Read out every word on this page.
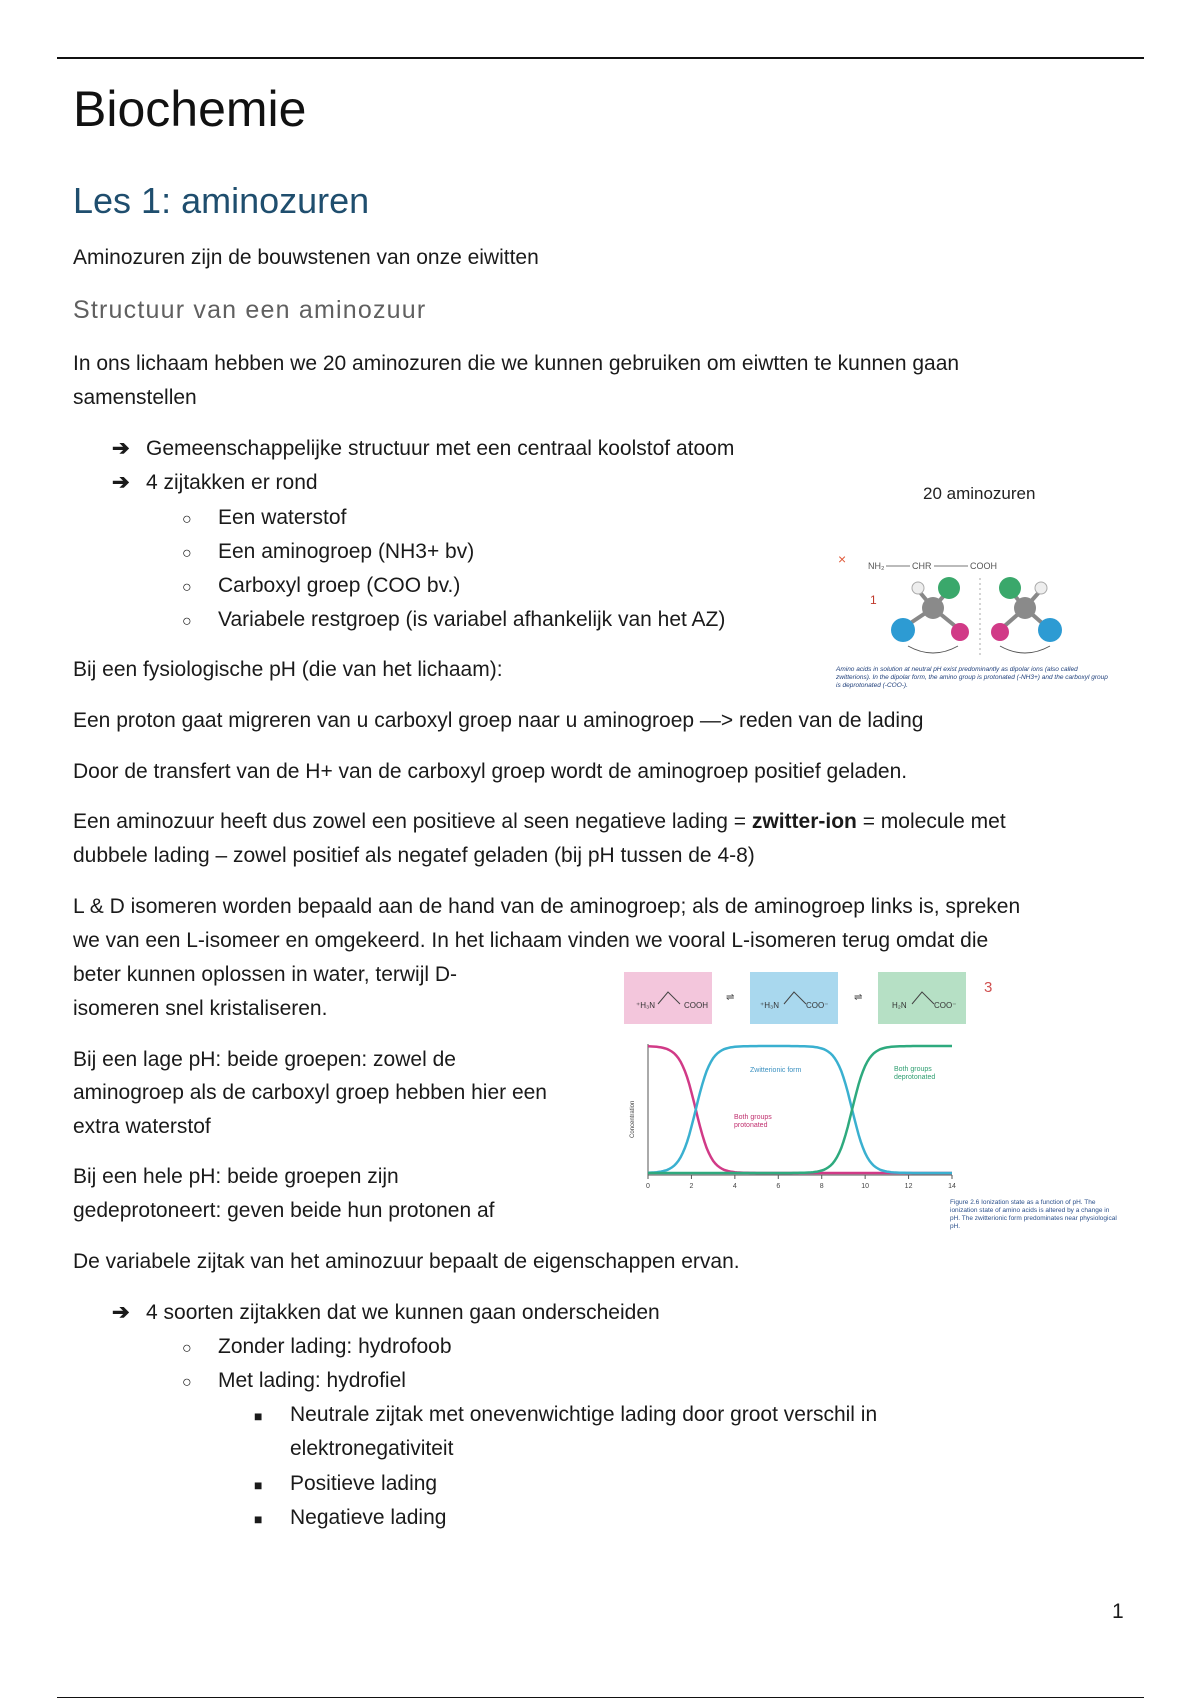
Biochemie
Les 1: aminozuren

Aminozuren zijn de bouwstenen van onze eiwitten

Structuur van een aminozuur

In ons lichaam hebben we 20 aminozuren die we kunnen gebruiken om eiwtten te kunnen gaan

samenstellen

➔ Gemeenschappelijke structuur met een centraal koolstof atoom
➔ 4 zijtakken er rond
○ Een waterstof
○ Een aminogroep (NH3+ bv)
○ Carboxyl groep (COO bv.)
○ Variabele restgroep (is variabel afhankelijk van het AZ)
20 aminozuren
× NH₂	CHR	COOH
1
Amino acids in solution at neutral pH exist predominantly as dipolar ions (also called zwitterions). In the dipolar form, the amino group is protonated (-NH3+) and the carboxyl group is deprotonated (-COO-).

Bij een fysiologische pH (die van het lichaam):

Een proton gaat migreren van u carboxyl groep naar u aminogroep —> reden van de lading

Door de transfert van de H+ van de carboxyl groep wordt de aminogroep positief geladen.

Een aminozuur heeft dus zowel een positieve al seen negatieve lading = zwitter-ion = molecule met

dubbele lading – zowel positief als negatef geladen (bij pH tussen de 4-8)

L & D isomeren worden bepaald aan de hand van de aminogroep; als de aminogroep links is, spreken

we van een L-isomeer en omgekeerd. In het lichaam vinden we vooral L-isomeren terug omdat die

beter kunnen oplossen in water, terwijl D-

isomeren snel kristaliseren.

Bij een lage pH: beide groepen: zowel de

aminogroep als de carboxyl groep hebben hier een

extra waterstof

Bij een hele pH: beide groepen zijn

gedeprotoneert: geven beide hun protonen af

⁺H₃N	COOH
⇌
⁺H₃N	COO⁻
⇌
H₂N	COO⁻
3
Concentration
0	2	4	6	8	10	12	14
Zwitterionic form
Both groups protonated
Both groups deprotonated
Figure 2.6 Ionization state as a function of pH. The ionization state of amino acids is altered by a change in pH. The zwitterionic form predominates near physiological pH.

De variabele zijtak van het aminozuur bepaalt de eigenschappen ervan.

➔ 4 soorten zijtakken dat we kunnen gaan onderscheiden
○ Zonder lading: hydrofoob
○ Met lading: hydrofiel
■ Neutrale zijtak met onevenwichtige lading door groot verschil in
elektronegativiteit
■ Positieve lading
■ Negatieve lading
1
